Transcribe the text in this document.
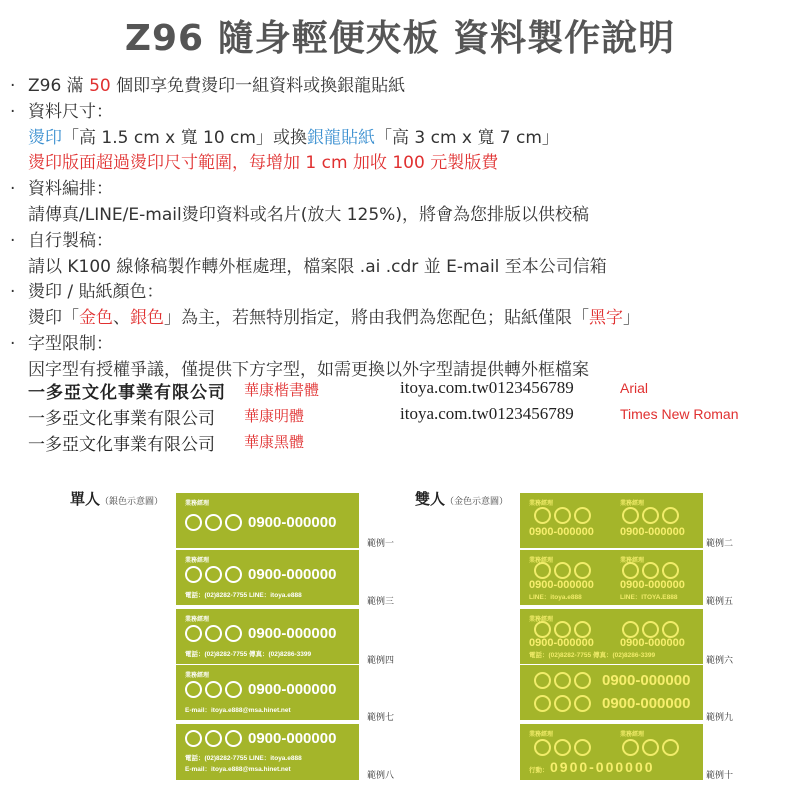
Z96 隨身輕便夾板 資料製作說明
· Z96 滿 50 個即享免費燙印一組資料或換銀龍貼紙
· 資料尺寸：
燙印「高 1.5 cm x 寬 10 cm」或換銀龍貼紙「高 3 cm x 寬 7 cm」
燙印版面超過燙印尺寸範圍，每增加 1 cm 加收 100 元製版費
· 資料編排：
請傳真/LINE/E-mail燙印資料或名片(放大 125%)，將會為您排版以供校稿
· 自行製稿：
請以 K100 線條稿製作轉外框處理，檔案限 .ai .cdr 並 E-mail 至本公司信箱
· 燙印 / 貼紙顏色：
燙印「金色、銀色」為主，若無特別指定，將由我們為您配色；貼紙僅限「黑字」
· 字型限制：
因字型有授權爭議，僅提供下方字型，如需更換以外字型請提供轉外框檔案
一多亞文化事業有限公司 華康楷書體	itoya.com.tw0123456789	Arial
一多亞文化事業有限公司 華康明體	itoya.com.tw0123456789	Times New Roman
一多亞文化事業有限公司 華康黑體
單人（銀色示意圖）	雙人（金色示意圖）
業務經理
0900-000000
範例一
業務經理
0900-000000
電話：(02)8282-7755 LINE：itoya.e888
範例三
業務經理
0900-000000
電話：(02)8282-7755 傳真：(02)8286-3399
範例四
業務經理
0900-000000
E-mail：itoya.e888@msa.hinet.net
範例七
0900-000000
電話：(02)8282-7755 LINE：itoya.e888
E-mail：itoya.e888@msa.hinet.net
範例八
業務經理	業務經理
0900-000000 0900-000000
範例二
業務經理	業務經理
0900-000000 0900-000000
LINE：itoya.e888	LINE：ITOYA.E888	範例五
業務經理
0900-000000 0900-000000
電話：(02)8282-7755 傳真：(02)8286-3399
範例六
0900-000000
0900-000000
範例九
業務經理	業務經理
行動： 0900-000000
範例十
